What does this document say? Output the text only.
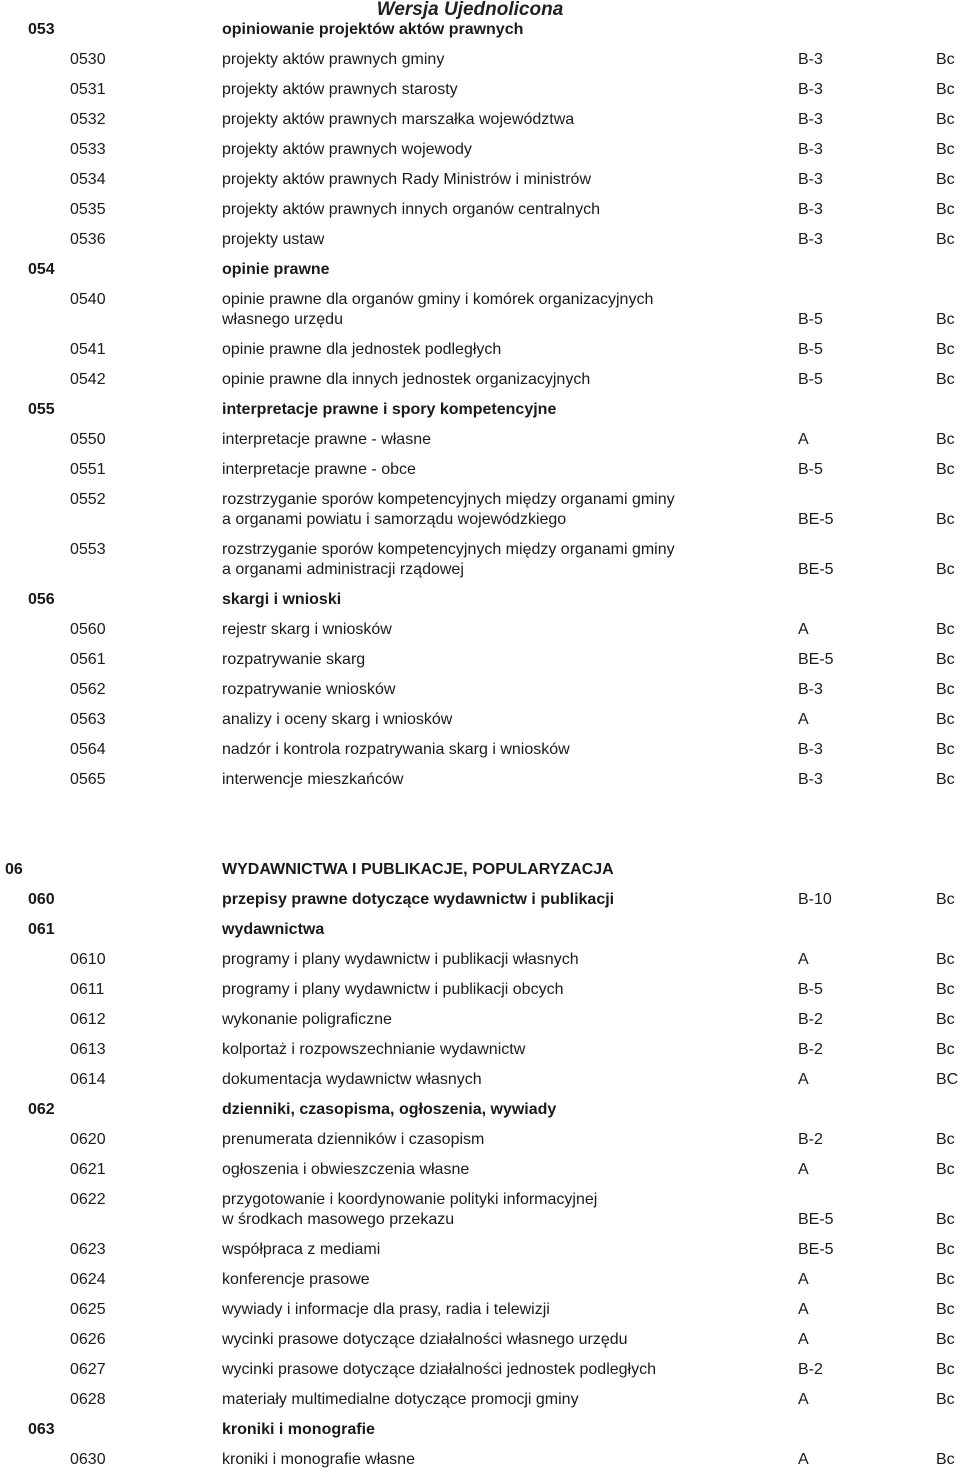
Wersja Ujednolicona
053	opiniowanie projektów aktów prawnych
0530	projekty aktów prawnych gminy	B-3	Bc
0531	projekty aktów prawnych starosty	B-3	Bc
0532	projekty aktów prawnych marszałka województwa	B-3	Bc
0533	projekty aktów prawnych wojewody	B-3	Bc
0534	projekty aktów prawnych Rady Ministrów i ministrów	B-3	Bc
0535	projekty aktów prawnych innych organów centralnych	B-3	Bc
0536	projekty ustaw	B-3	Bc
054	opinie prawne
0540	opinie prawne dla organów gminy i komórek organizacyjnych
własnego urzędu	B-5	Bc
0541	opinie prawne dla jednostek podległych	B-5	Bc
0542	opinie prawne dla innych jednostek organizacyjnych	B-5	Bc
055	interpretacje prawne i spory kompetencyjne
0550	interpretacje prawne - własne	A	Bc
0551	interpretacje prawne - obce	B-5	Bc
0552	rozstrzyganie sporów kompetencyjnych między organami gminy
a organami powiatu i samorządu wojewódzkiego	BE-5	Bc
0553	rozstrzyganie sporów kompetencyjnych między organami gminy
a organami administracji rządowej	BE-5	Bc
056	skargi i wnioski
0560	rejestr skarg i wniosków	A	Bc
0561	rozpatrywanie skarg	BE-5	Bc
0562	rozpatrywanie wniosków	B-3	Bc
0563	analizy i oceny skarg i wniosków	A	Bc
0564	nadzór i kontrola rozpatrywania skarg i wniosków	B-3	Bc
0565	interwencje mieszkańców	B-3	Bc
06	WYDAWNICTWA I PUBLIKACJE, POPULARYZACJA
060	przepisy prawne dotyczące wydawnictw i publikacji	B-10	Bc
061	wydawnictwa
0610	programy i plany wydawnictw i publikacji własnych	A	Bc
0611	programy i plany wydawnictw i publikacji obcych	B-5	Bc
0612	wykonanie poligraficzne	B-2	Bc
0613	kolportaż i rozpowszechnianie wydawnictw	B-2	Bc
0614	dokumentacja wydawnictw własnych	A	BC
062	dzienniki, czasopisma, ogłoszenia, wywiady
0620	prenumerata dzienników i czasopism	B-2	Bc
0621	ogłoszenia i obwieszczenia własne	A	Bc
0622	przygotowanie i koordynowanie polityki informacyjnej
w środkach masowego przekazu	BE-5	Bc
0623	współpraca z mediami	BE-5	Bc
0624	konferencje prasowe	A	Bc
0625	wywiady i informacje dla prasy, radia i telewizji	A	Bc
0626	wycinki prasowe dotyczące działalności własnego urzędu	A	Bc
0627	wycinki prasowe dotyczące działalności jednostek podległych	B-2	Bc
0628	materiały multimedialne dotyczące promocji gminy	A	Bc
063	kroniki i monografie
0630	kroniki i monografie własne	A	Bc
